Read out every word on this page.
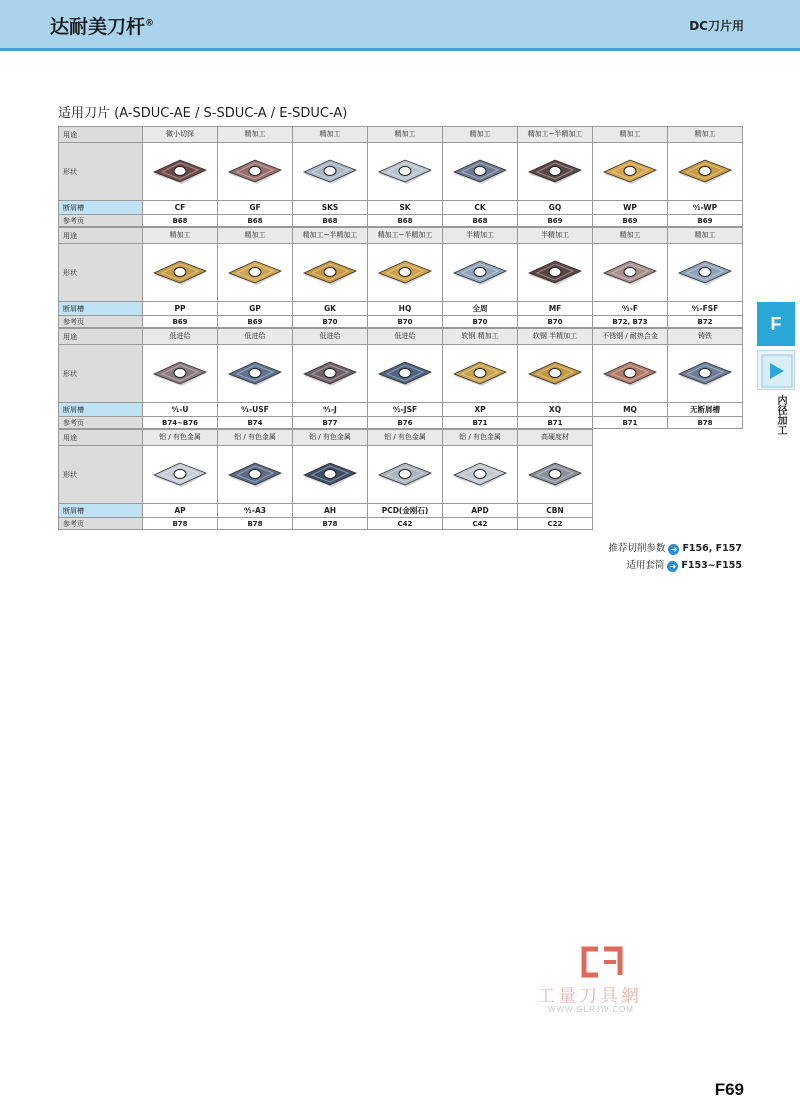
达耐美刀杆®	DC刀片用
适用刀片 (A-SDUC-AE / S-SDUC-A / E-SDUC-A)
用途
形状
断屑槽
参考页
微小切深
CF
B68
精加工
GF
B68
精加工
SKS
B68
精加工
SK
B68
精加工
CK
B68
精加工~半精加工
GQ
B69
精加工
WP
B69
精加工
⁰⁄₁-WP
B69
用途
形状
断屑槽
参考页
精加工
PP
B69
精加工
GP
B69
精加工~半精加工
GK
B70
精加工~半精加工
HQ
B70
半精加工
全周
B70
半精加工
MF
B70
精加工
⁰⁄₁-F
B72, B73
精加工
⁰⁄₁-FSF
B72
用途
形状
断屑槽
参考页
低进给
⁰⁄₁-U
B74~B76
低进给
⁰⁄₁-USF
B74
低进给
⁰⁄₁-J
B77
低进给
⁰⁄₁-JSF
B76
软钢 精加工
XP
B71
软钢 半精加工
XQ
B71
不锈钢 / 耐热合金
MQ
B71
铸铁
无断屑槽
B78
用途
形状
断屑槽
参考页
铝 / 有色金属
AP
B78
铝 / 有色金属
⁰⁄₁-A3
B78
铝 / 有色金属
AH
B78
铝 / 有色金属
PCD(金刚石)
C42
铝 / 有色金属
APD
C42
高硬度材
CBN
C22
F
内径加工
推荐切削参数 ➜ F156, F157
适用套筒 ➜ F153~F155
工量刀具網
WWW.GLRJW.COM
F69
